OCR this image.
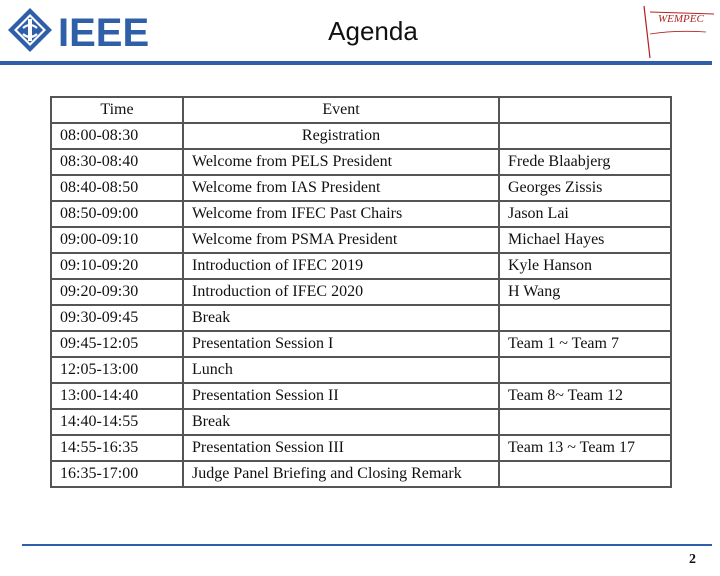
IEEE	Agenda	WEMPEC
Time	Event	
08:00-08:30	Registration	
08:30-08:40	Welcome from PELS President	Frede Blaabjerg
08:40-08:50	Welcome from IAS President	Georges Zissis
08:50-09:00	Welcome from IFEC Past Chairs	Jason Lai
09:00-09:10	Welcome from PSMA President	Michael Hayes
09:10-09:20	Introduction of IFEC 2019	Kyle Hanson
09:20-09:30	Introduction of IFEC 2020	H Wang
09:30-09:45	Break	
09:45-12:05	Presentation Session I	Team 1 ~ Team 7
12:05-13:00	Lunch	
13:00-14:40	Presentation Session II	Team 8~ Team 12
14:40-14:55	Break	
14:55-16:35	Presentation Session III	Team 13 ~ Team 17
16:35-17:00	Judge Panel Briefing and Closing Remark	
2
